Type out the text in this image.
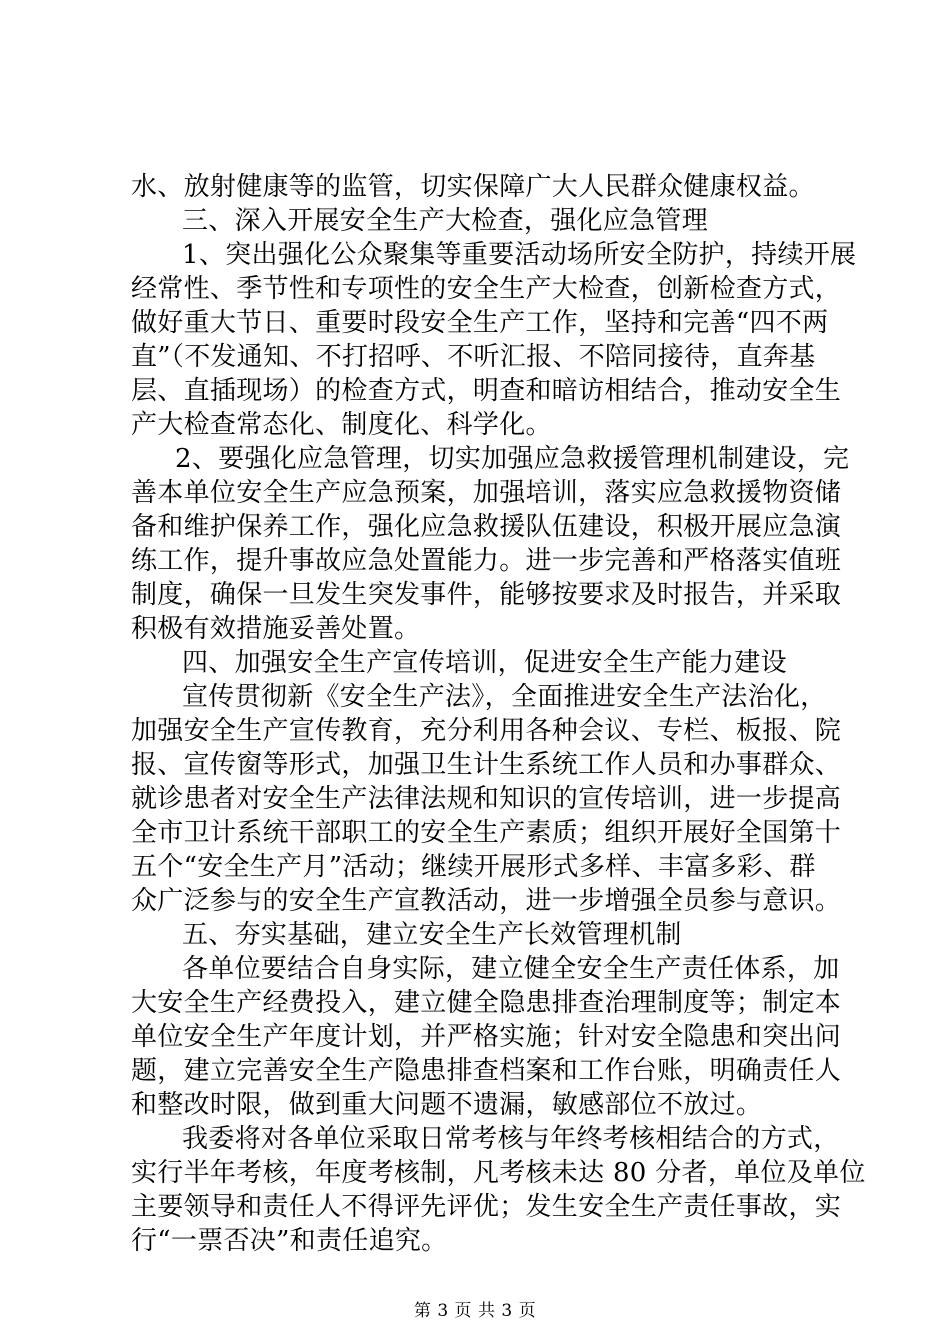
水、放射健康等的监管，切实保障广大人民群众健康权益。
三、深入开展安全生产大检查，强化应急管理
1、突出强化公众聚集等重要活动场所安全防护，持续开展
经常性、季节性和专项性的安全生产大检查，创新检查方式，
做好重大节日、重要时段安全生产工作，坚持和完善“四不两
直”（不发通知、不打招呼、不听汇报、不陪同接待，直奔基
层、直插现场）的检查方式，明查和暗访相结合，推动安全生
产大检查常态化、制度化、科学化。
2、要强化应急管理，切实加强应急救援管理机制建设，完
善本单位安全生产应急预案，加强培训，落实应急救援物资储
备和维护保养工作，强化应急救援队伍建设，积极开展应急演
练工作，提升事故应急处置能力。进一步完善和严格落实值班
制度，确保一旦发生突发事件，能够按要求及时报告，并采取
积极有效措施妥善处置。
四、加强安全生产宣传培训，促进安全生产能力建设
宣传贯彻新《安全生产法》，全面推进安全生产法治化，
加强安全生产宣传教育，充分利用各种会议、专栏、板报、院
报、宣传窗等形式，加强卫生计生系统工作人员和办事群众、
就诊患者对安全生产法律法规和知识的宣传培训，进一步提高
全市卫计系统干部职工的安全生产素质；组织开展好全国第十
五个“安全生产月”活动；继续开展形式多样、丰富多彩、群
众广泛参与的安全生产宣教活动，进一步增强全员参与意识。
五、夯实基础，建立安全生产长效管理机制
各单位要结合自身实际，建立健全安全生产责任体系，加
大安全生产经费投入，建立健全隐患排查治理制度等；制定本
单位安全生产年度计划，并严格实施；针对安全隐患和突出问
题，建立完善安全生产隐患排查档案和工作台账，明确责任人
和整改时限，做到重大问题不遗漏，敏感部位不放过。
我委将对各单位采取日常考核与年终考核相结合的方式，
实行半年考核，年度考核制，凡考核未达 80 分者，单位及单位
主要领导和责任人不得评先评优；发生安全生产责任事故，实
行“一票否决”和责任追究。
第 3 页 共 3 页
